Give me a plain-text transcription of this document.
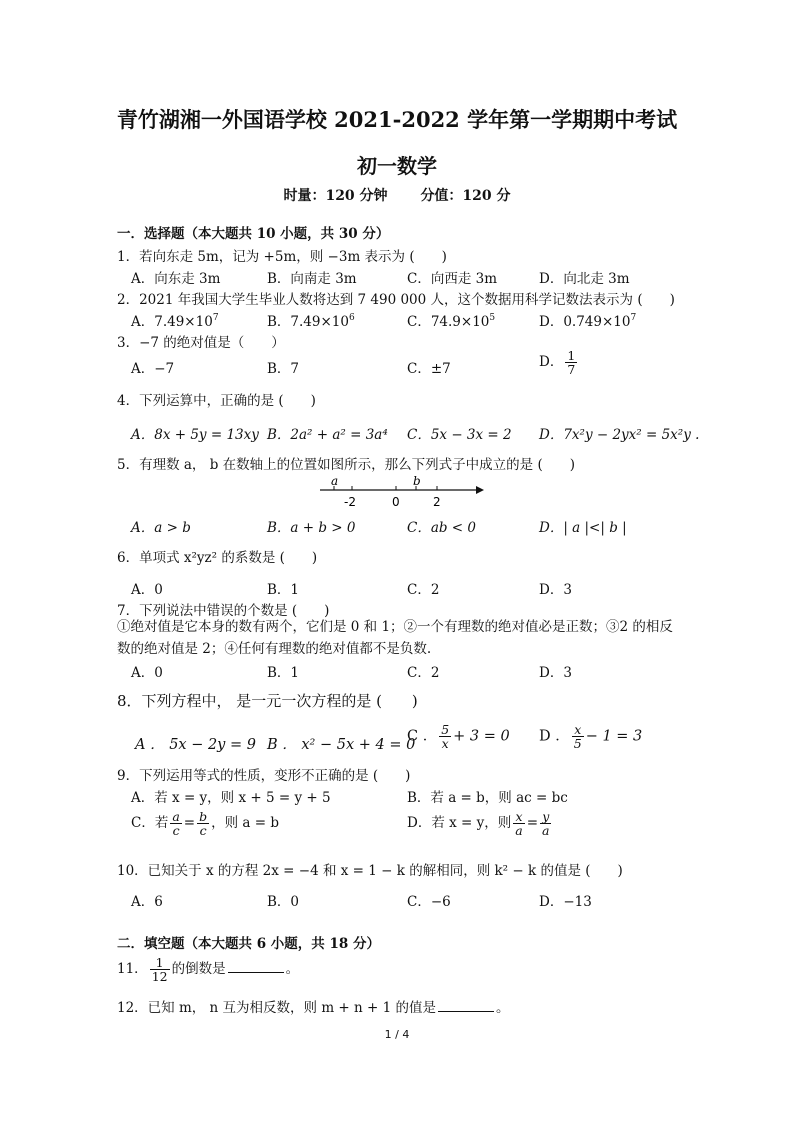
青竹湖湘一外国语学校 2021-2022 学年第一学期期中考试
初一数学
时量：120 分钟 分值：120 分
一．选择题（本大题共 10 小题，共 30 分）
1．若向东走 5m，记为 +5m，则 −3m 表示为 (　　)
A．向东走 3m	B．向南走 3m	C．向西走 3m	D．向北走 3m
2．2021 年我国大学生毕业人数将达到 7 490 000 人，这个数据用科学记数法表示为 (　　)
A．$7.49\times 10^7$	B．$7.49\times 10^6$	C．$74.9\times 10^5$	D．$0.749\times 10^7$
3．−7 的绝对值是（　　）
A．−7	B．7	C．±7	D． $\frac{1}{7}$
4．下列运算中，正确的是 (　　)
A．8x + 5y = 13xy B．2a² + a² = 3a⁴ C．5x − 3x = 2 D．7x²y − 2yx² = 5x²y .
5．有理数 a， b 在数轴上的位置如图所示，那么下列式子中成立的是 (　　)
a	b
-2	0	2
A．a > b	B．a + b > 0	C．ab < 0	D．| a |<| b |
6．单项式 x²yz² 的系数是 (　　)
A．0	B．1	C．2	D．3
7．下列说法中错误的个数是 (　　)
①绝对值是它本身的数有两个，它们是 0 和 1；②一个有理数的绝对值必是正数；③2 的相反数的绝对值是 2；④任何有理数的绝对值都不是负数.
A．0	B．1	C．2	D．3
8．下列方程中， 是一元一次方程的是 (　　)
A ． 5x − 2y = 9 B ． x² − 5x + 4 = 0
C ． $\frac{5}{x} + 3 = 0$ D ． $\frac{x}{5} - 1 = 3$
9．下列运用等式的性质，变形不正确的是 (　　)
A．若 x = y，则 x + 5 = y + 5	B．若 a = b，则 ac = bc
C．若 $\frac{a}{c} = \frac{b}{c}$ ，则 a = b	D．若 x = y，则 $\frac{x}{a} = \frac{y}{a}$
10．已知关于 x 的方程 2x = −4 和 x = 1 − k 的解相同，则 k² − k 的值是 (　　)
A．6	B．0	C．−6	D．−13
二．填空题（本大题共 6 小题，共 18 分）
11． $\frac{1}{12}$ 的倒数是	。
12．已知 m， n 互为相反数，则 m + n + 1 的值是	。
1 / 4
